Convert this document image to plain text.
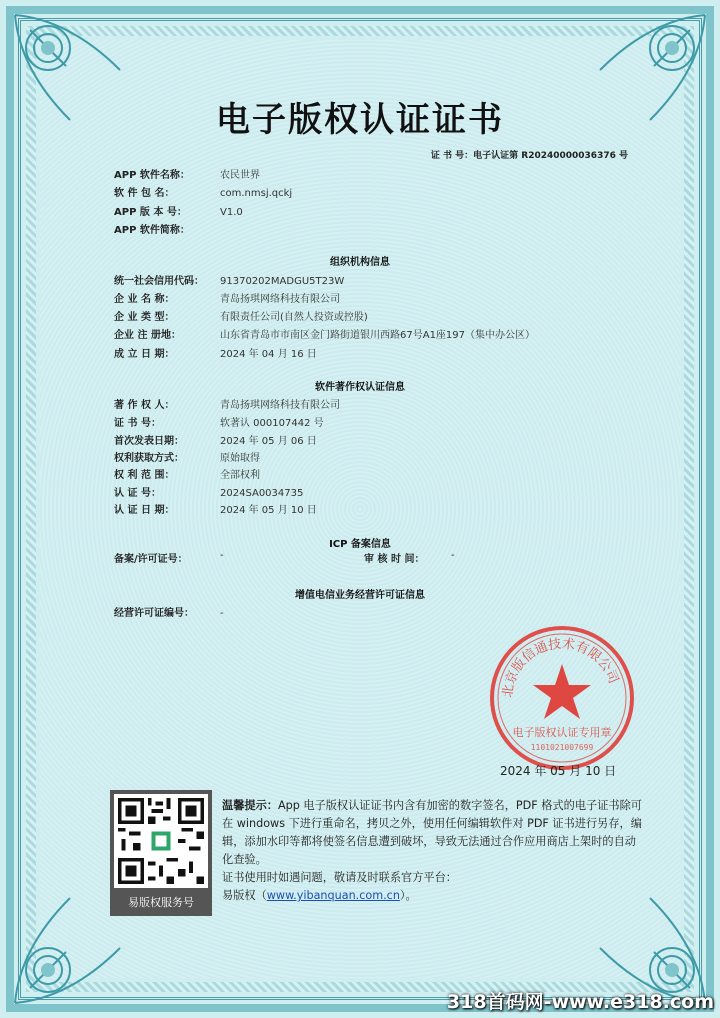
电子版权认证证书
证 书 号：电子认证第 R20240000036376 号
APP 软件名称：	农民世界
软 件 包 名：	com.nmsj.qckj
APP 版 本 号：	V1.0
APP 软件简称：
组织机构信息
统一社会信用代码： 91370202MADGU5T23W
企 业 名 称：	青岛扬琪网络科技有限公司
企 业 类 型：	有限责任公司(自然人投资或控股)
企业 注 册地：	山东省青岛市市南区金门路街道银川西路67号A1座197（集中办公区）
成 立 日 期：	2024 年 04 月 16 日
软件著作权认证信息
著 作 权 人：	青岛扬琪网络科技有限公司
证 书 号：	软著认 000107442 号
首次发表日期：	2024 年 05 月 06 日
权利获取方式：	原始取得
权 利 范 围：	全部权利
认 证 号：	2024SA0034735
认 证 日 期：	2024 年 05 月 10 日
ICP 备案信息
备案/许可证号：	-	审 核 时 间：	-
增值电信业务经营许可证信息
经营许可证编号：	-
北京版信通技术有限公司
电子版权认证专用章
1101021007699
2024 年 05 月 10 日
易版权服务号
温馨提示：App 电子版权认证证书内含有加密的数字签名，PDF 格式的电子证书除可在 windows 下进行重命名，拷贝之外，使用任何编辑软件对 PDF 证书进行另存，编辑，添加水印等都将使签名信息遭到破坏，导致无法通过合作应用商店上架时的自动化查验。
证书使用时如遇问题，敬请及时联系官方平台：
易版权（www.yibanquan.com.cn）。
318首码网-www.e318.com
